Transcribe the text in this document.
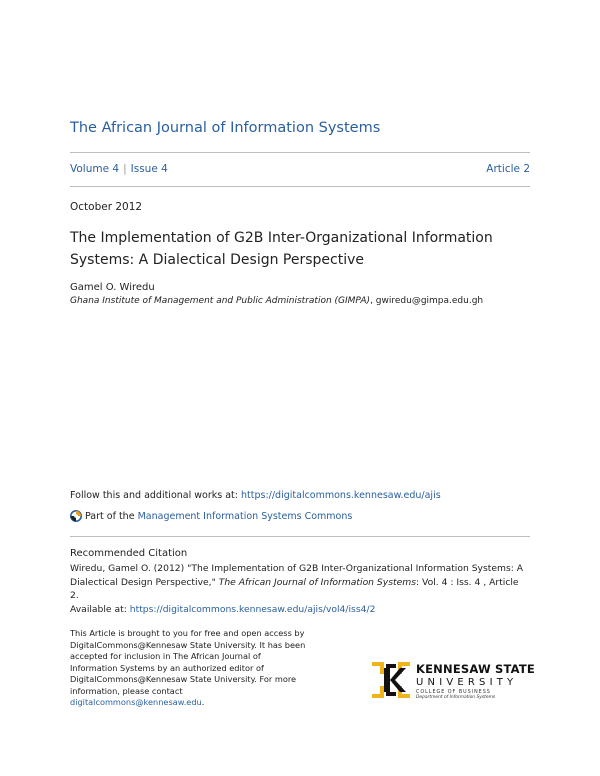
The African Journal of Information Systems
Volume 4 | Issue 4	Article 2
October 2012
The Implementation of G2B Inter-Organizational Information Systems: A Dialectical Design Perspective
Gamel O. Wiredu
Ghana Institute of Management and Public Administration (GIMPA), gwiredu@gimpa.edu.gh
Follow this and additional works at: https://digitalcommons.kennesaw.edu/ajis
Part of the
Management Information Systems Commons
Recommended Citation
Wiredu, Gamel O. (2012) "The Implementation of G2B Inter-Organizational Information Systems: A Dialectical Design Perspective," The African Journal of Information Systems: Vol. 4 : Iss. 4 , Article 2.
Available at: https://digitalcommons.kennesaw.edu/ajis/vol4/iss4/2
This Article is brought to you for free and open access by DigitalCommons@Kennesaw State University. It has been accepted for inclusion in The African Journal of Information Systems by an authorized editor of DigitalCommons@Kennesaw State University. For more information, please contact
digitalcommons@kennesaw.edu.
KENNESAW STATE
UNIVERSITY
COLLEGE OF BUSINESS
Department of Information Systems
